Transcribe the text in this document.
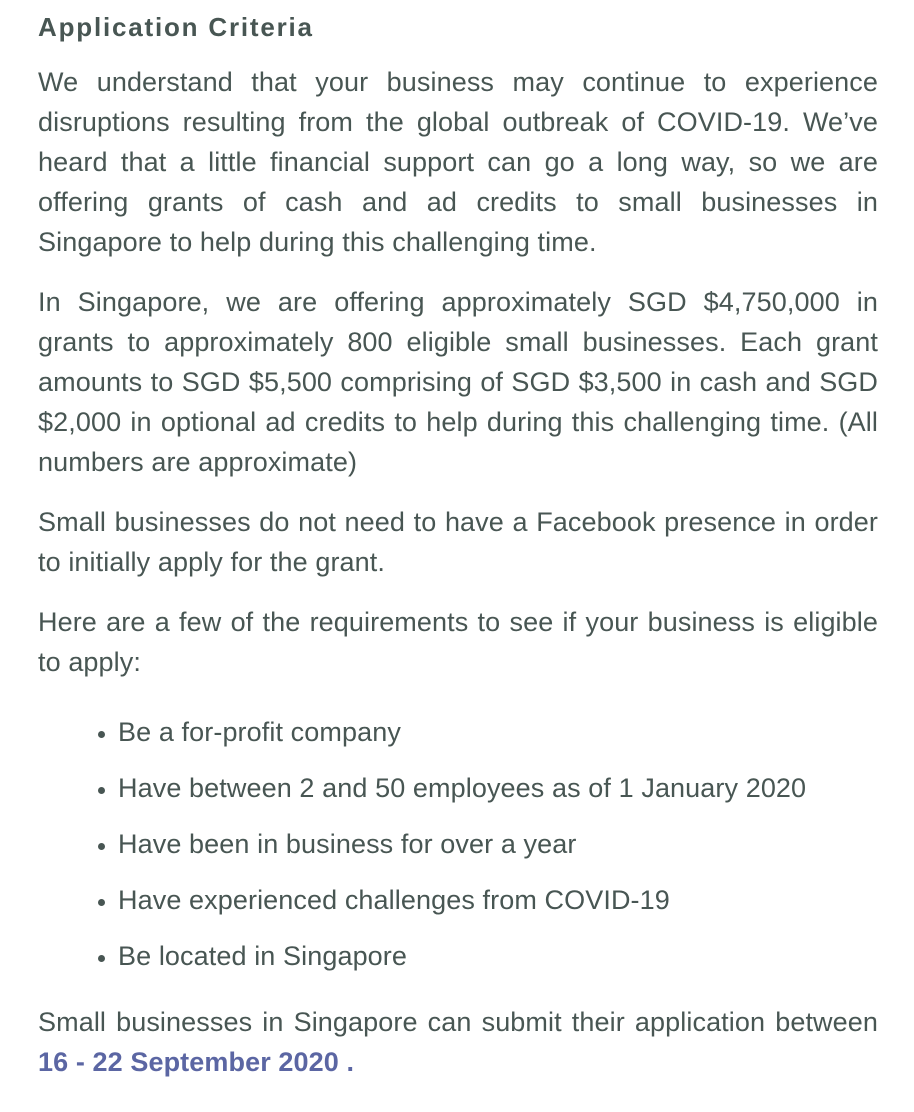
Application Criteria

We understand that your business may continue to experience disruptions resulting from the global outbreak of COVID-19. We’ve heard that a little financial support can go a long way, so we are offering grants of cash and ad credits to small businesses in Singapore to help during this challenging time.

In Singapore, we are offering approximately SGD $4,750,000 in grants to approximately 800 eligible small businesses. Each grant amounts to SGD $5,500 comprising of SGD $3,500 in cash and SGD $2,000 in optional ad credits to help during this challenging time. (All numbers are approximate)

Small businesses do not need to have a Facebook presence in order to initially apply for the grant.

Here are a few of the requirements to see if your business is eligible to apply:

• Be a for-profit company
• Have between 2 and 50 employees as of 1 January 2020
• Have been in business for over a year
• Have experienced challenges from COVID-19
• Be located in Singapore

Small businesses in Singapore can submit their application between 16 - 22 September 2020 .
